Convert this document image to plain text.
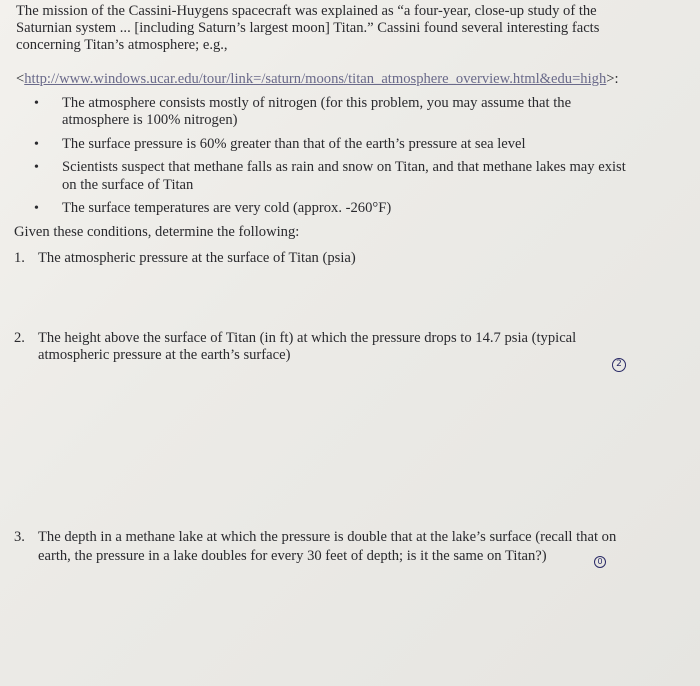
The mission of the Cassini-Huygens spacecraft was explained as “a four-year, close-up study of the
Saturnian system ... [including Saturn’s largest moon] Titan.” Cassini found several interesting facts
concerning Titan’s atmosphere; e.g.,
<http://www.windows.ucar.edu/tour/link=/saturn/moons/titan_atmosphere_overview.html&edu=high>:
• The atmosphere consists mostly of nitrogen (for this problem, you may assume that the
atmosphere is 100% nitrogen)
• The surface pressure is 60% greater than that of the earth’s pressure at sea level
• Scientists suspect that methane falls as rain and snow on Titan, and that methane lakes may exist
on the surface of Titan
• The surface temperatures are very cold (approx. -260°F)
Given these conditions, determine the following:
1. The atmospheric pressure at the surface of Titan (psia)
2. The height above the surface of Titan (in ft) at which the pressure drops to 14.7 psia (typical
atmospheric pressure at the earth’s surface)
2
3. The depth in a methane lake at which the pressure is double that at the lake’s surface (recall that on
earth, the pressure in a lake doubles for every 30 feet of depth; is it the same on Titan?)	0
